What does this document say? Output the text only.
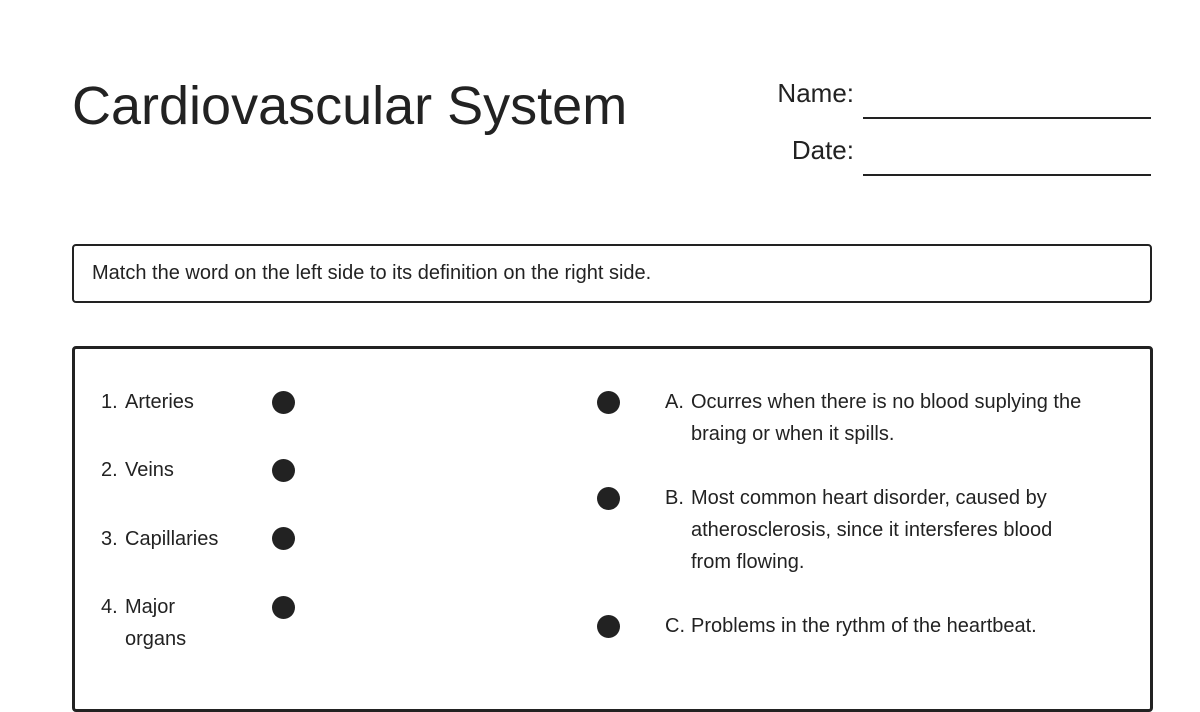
Cardiovascular System	Name:
Date:
Match the word on the left side to its definition on the right side.
1. Arteries
2. Veins
3. Capillaries
4. Major organs
A. Ocurres when there is no blood suplying the braing or when it spills.
B. Most common heart disorder, caused by atherosclerosis, since it intersferes blood from flowing.
C. Problems in the rythm of the heartbeat.
